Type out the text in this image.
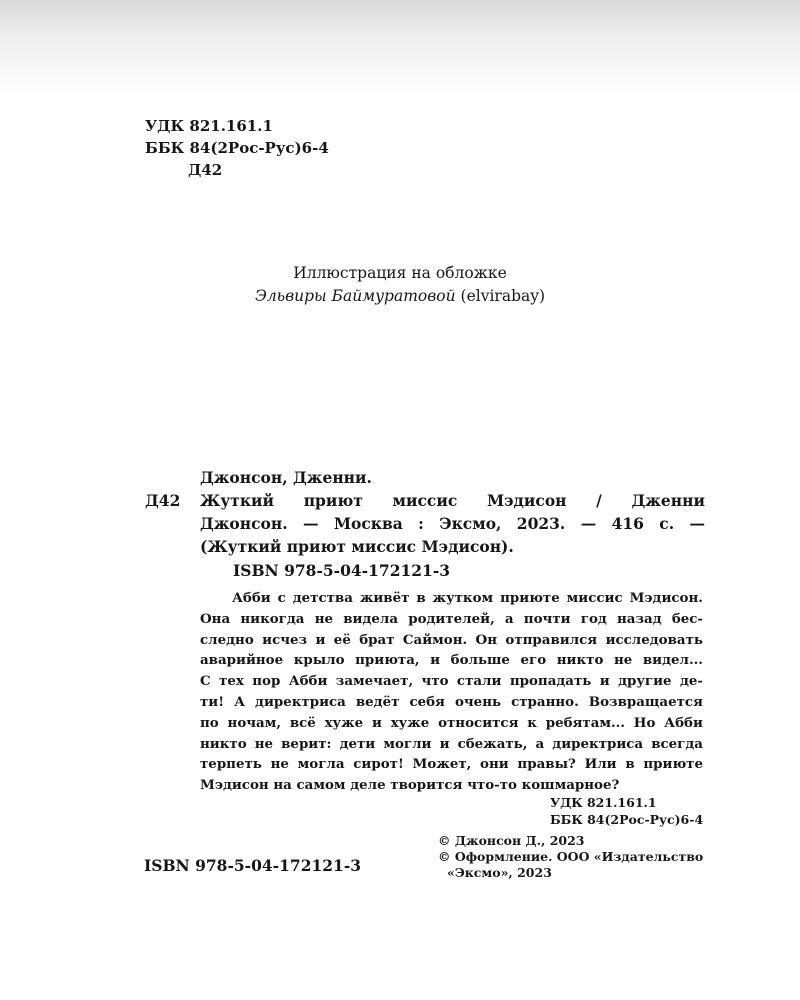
УДК 821.161.1
ББК 84(2Рос-Рус)6-4
Д42
Иллюстрация на обложке
Эльвиры Баймуратовой (elvirabay)
Джонсон, Дженни.
Д42	Жуткий приют миссис Мэдисон / Дженни
Джонсон. — Москва : Эксмо, 2023. — 416 с. —
(Жуткий приют миссис Мэдисон).
ISBN 978-5-04-172121-3
Абби с детства живёт в жутком приюте миссис Мэдисон.
Она никогда не видела родителей, а почти год назад бес-
следно исчез и её брат Саймон. Он отправился исследовать
аварийное крыло приюта, и больше его никто не видел...
С тех пор Абби замечает, что стали пропадать и другие де-
ти! А директриса ведёт себя очень странно. Возвращается
по ночам, всё хуже и хуже относится к ребятам... Но Абби
никто не верит: дети могли и сбежать, а директриса всегда
терпеть не могла сирот! Может, они правы? Или в приюте
Мэдисон на самом деле творится что-то кошмарное?
УДК 821.161.1
ББК 84(2Рос-Рус)6-4
© Джонсон Д., 2023
© Оформление. ООО «Издательство
«Эксмо», 2023
ISBN 978-5-04-172121-3
